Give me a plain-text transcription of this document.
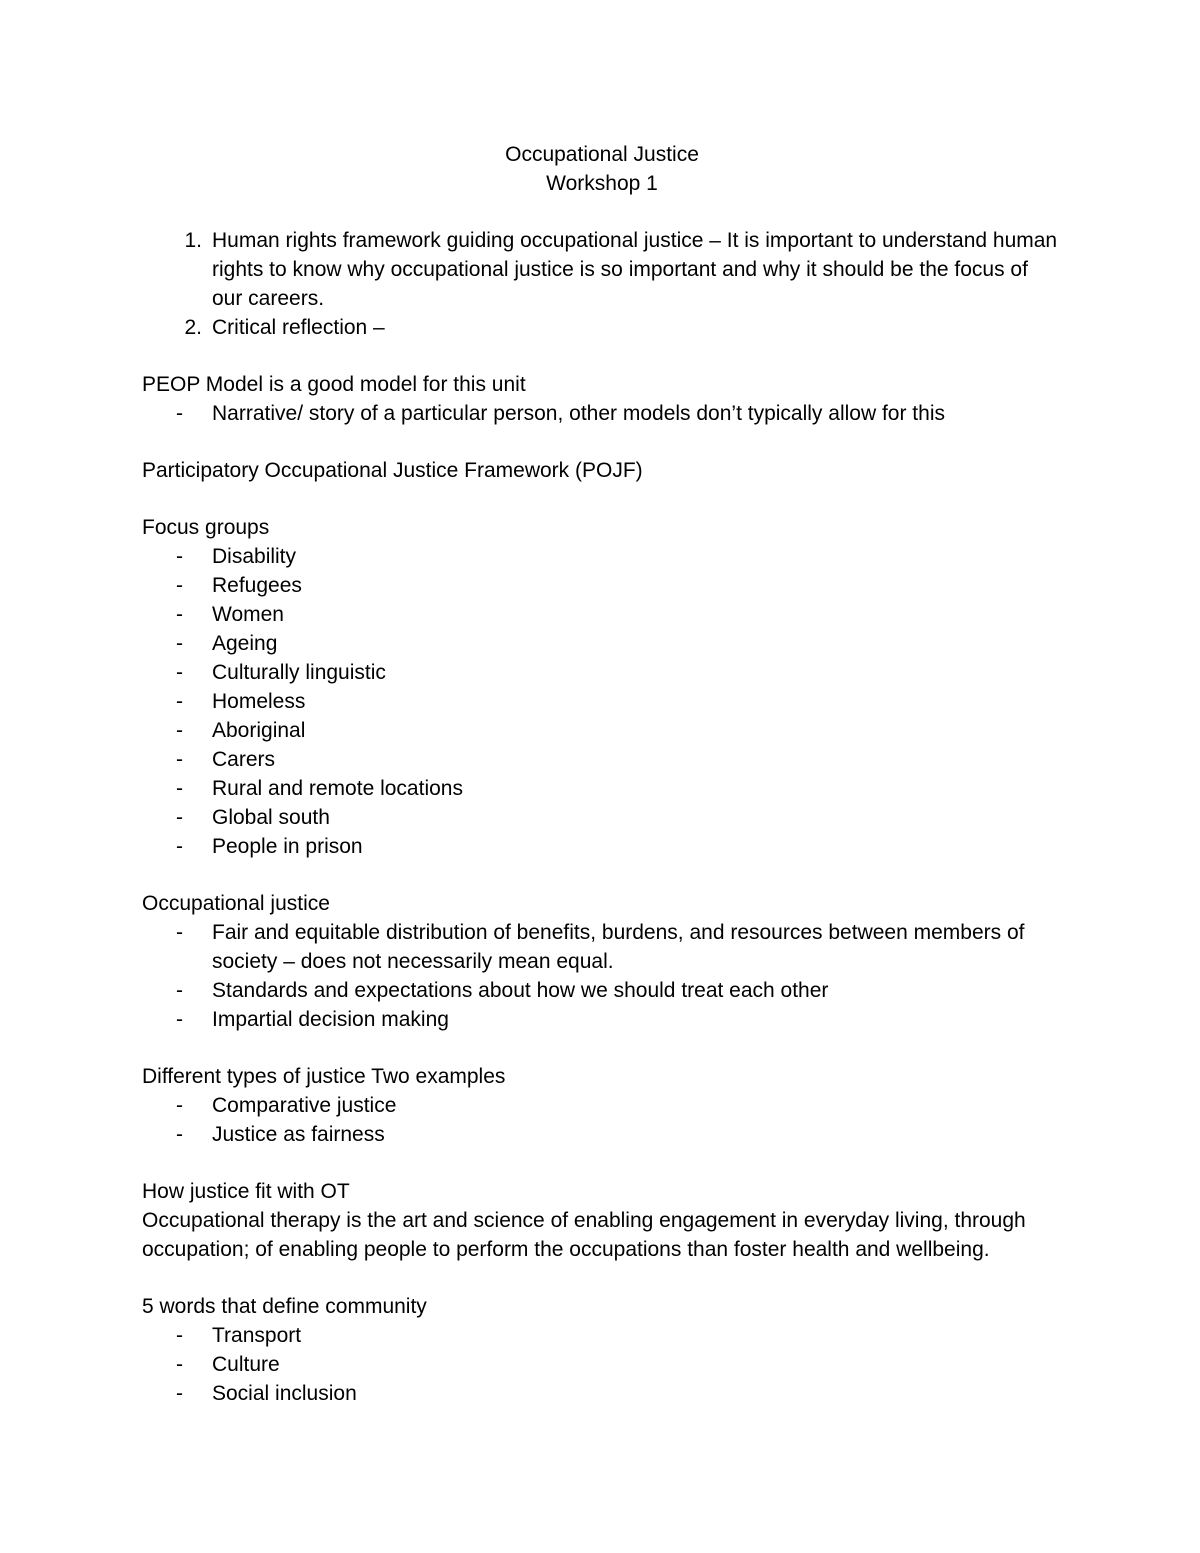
Occupational Justice
Workshop 1
1. Human rights framework guiding occupational justice – It is important to understand human rights to know why occupational justice is so important and why it should be the focus of our careers.
2. Critical reflection –
PEOP Model is a good model for this unit
-	Narrative/ story of a particular person, other models don’t typically allow for this
Participatory Occupational Justice Framework (POJF)
Focus groups
-	Disability
-	Refugees
-	Women
-	Ageing
-	Culturally linguistic
-	Homeless
-	Aboriginal
-	Carers
-	Rural and remote locations
-	Global south
-	People in prison
Occupational justice
-	Fair and equitable distribution of benefits, burdens, and resources between members of society – does not necessarily mean equal.
-	Standards and expectations about how we should treat each other
-	Impartial decision making
Different types of justice Two examples
-	Comparative justice
-	Justice as fairness
How justice fit with OT
Occupational therapy is the art and science of enabling engagement in everyday living, through occupation; of enabling people to perform the occupations than foster health and wellbeing.
5 words that define community
-	Transport
-	Culture
-	Social inclusion
